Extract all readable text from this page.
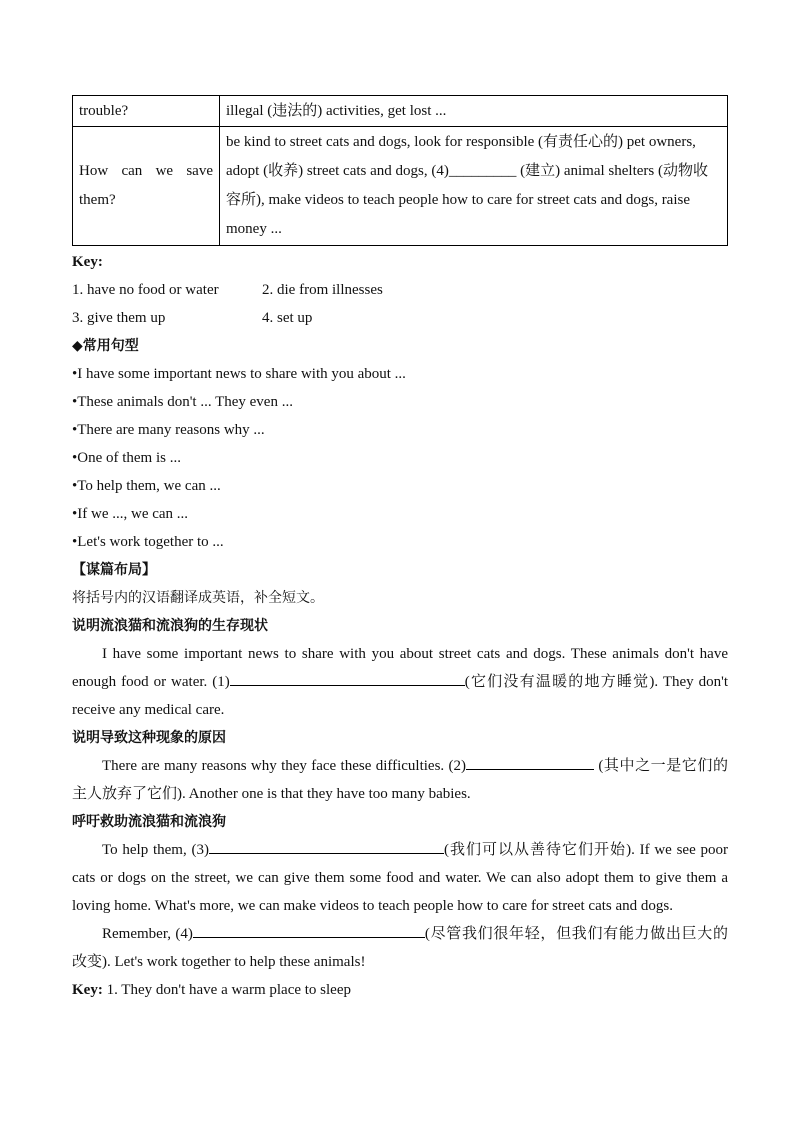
trouble?	illegal (违法的) activities, get lost ...
How can we save them?	be kind to street cats and dogs, look for responsible (有责任心的) pet owners, adopt (收养) street cats and dogs, (4)_________ (建立) animal shelters (动物收容所), make videos to teach people how to care for street cats and dogs, raise money ...
Key:
1. have no food or water	2. die from illnesses
3. give them up	4. set up
◆常用句型
•I have some important news to share with you about ...
•These animals don't ... They even ...
•There are many reasons why ...
•One of them is ...
•To help them, we can ...
•If we ..., we can ...
•Let's work together to ...
【谋篇布局】
将括号内的汉语翻译成英语，补全短文。
说明流浪猫和流浪狗的生存现状

I have some important news to share with you about street cats and dogs. These animals don't have enough food or water. (1)	(它们没有温暖的地方睡觉). They don't receive any medical care.

说明导致这种现象的原因

There are many reasons why they face these difficulties. (2)	(其中之一是它们的主人放弃了它们). Another one is that they have too many babies.

呼吁救助流浪猫和流浪狗

To help them, (3)	(我们可以从善待它们开始). If we see poor cats or dogs on the street, we can give them some food and water. We can also adopt them to give them a loving home. What's more, we can make videos to teach people how to care for street cats and dogs.

Remember, (4)	(尽管我们很年轻，但我们有能力做出巨大的改变). Let's work together to help these animals!

Key: 1. They don't have a warm place to sleep
